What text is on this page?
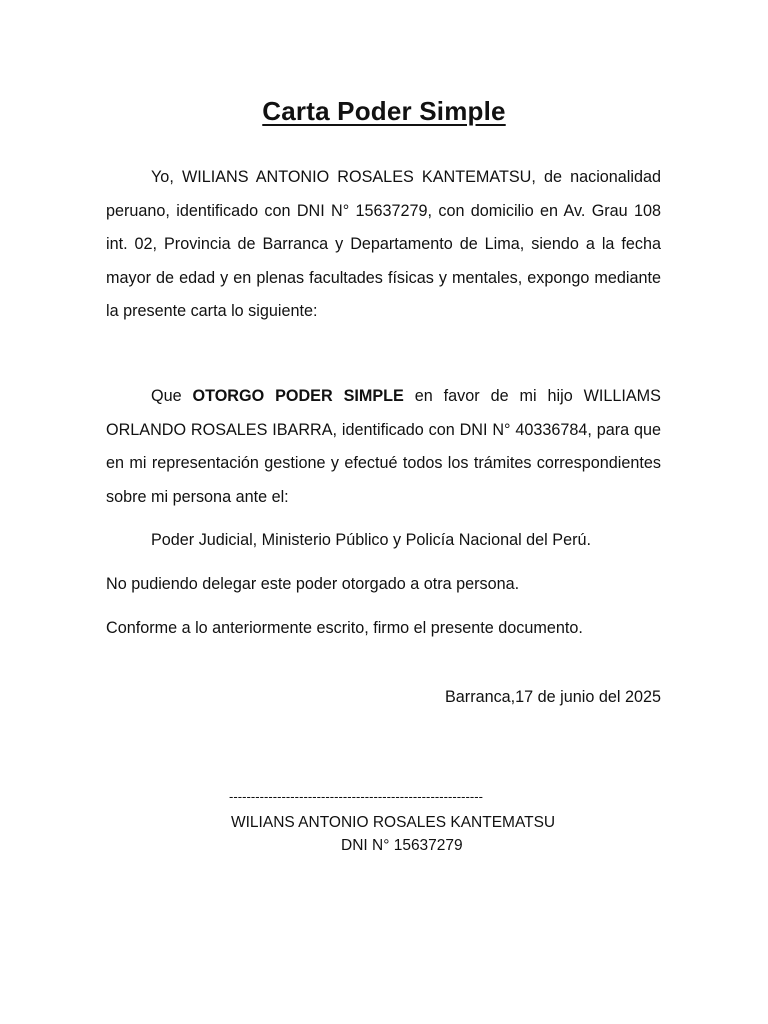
Carta Poder Simple

Yo, WILIANS ANTONIO ROSALES KANTEMATSU, de nacionalidad peruano, identificado con DNI N° 15637279, con domicilio en Av. Grau 108 int. 02, Provincia de Barranca y Departamento de Lima, siendo a la fecha mayor de edad y en plenas facultades físicas y mentales, expongo mediante la presente carta lo siguiente:

Que OTORGO PODER SIMPLE en favor de mi hijo WILLIAMS ORLANDO ROSALES IBARRA, identificado con DNI N° 40336784, para que en mi representación gestione y efectué todos los trámites correspondientes sobre mi persona ante el:

Poder Judicial, Ministerio Público y Policía Nacional del Perú.

No pudiendo delegar este poder otorgado a otra persona.

Conforme a lo anteriormente escrito, firmo el presente documento.

Barranca,17 de junio del 2025
----------------------------------------------------------
WILIANS ANTONIO ROSALES KANTEMATSU
DNI N° 15637279
